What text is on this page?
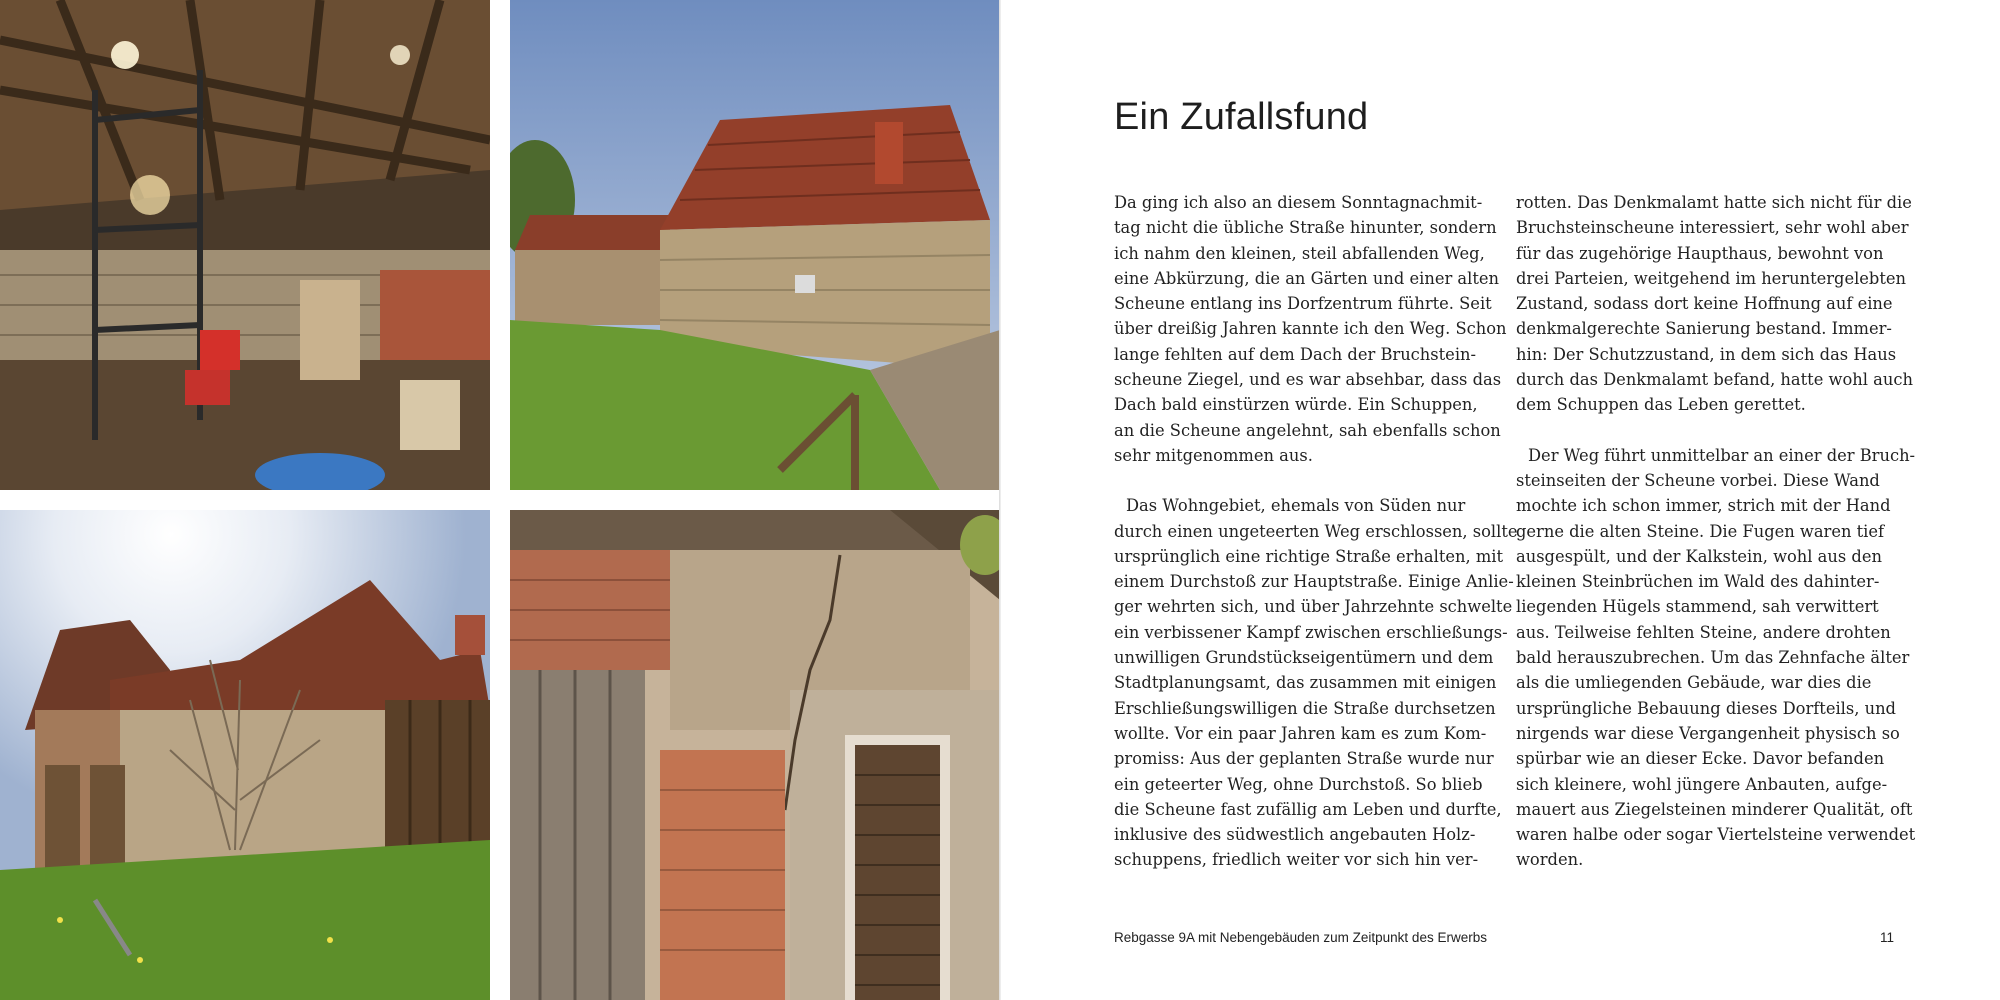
Ein Zufallsfund

Da ging ich also an diesem Sonntagnachmit-
tag nicht die übliche Straße hinunter, sondern
ich nahm den kleinen, steil abfallenden Weg,
eine Abkürzung, die an Gärten und einer alten
Scheune entlang ins Dorfzentrum führte. Seit
über dreißig Jahren kannte ich den Weg. Schon
lange fehlten auf dem Dach der Bruchstein-
scheune Ziegel, und es war absehbar, dass das
Dach bald einstürzen würde. Ein Schuppen,
an die Scheune angelehnt, sah ebenfalls schon
sehr mitgenommen aus.

Das Wohngebiet, ehemals von Süden nur
durch einen ungeteerten Weg erschlossen, sollte
ursprünglich eine richtige Straße erhalten, mit
einem Durchstoß zur Hauptstraße. Einige Anlie-
ger wehrten sich, und über Jahrzehnte schwelte
ein verbissener Kampf zwischen erschließungs-
unwilligen Grundstückseigentümern und dem
Stadtplanungsamt, das zusammen mit einigen
Erschließungswilligen die Straße durchsetzen
wollte. Vor ein paar Jahren kam es zum Kom-
promiss: Aus der geplanten Straße wurde nur
ein geteerter Weg, ohne Durchstoß. So blieb
die Scheune fast zufällig am Leben und durfte,
inklusive des südwestlich angebauten Holz-
schuppens, friedlich weiter vor sich hin ver-

rotten. Das Denkmalamt hatte sich nicht für die
Bruchsteinscheune interessiert, sehr wohl aber
für das zugehörige Haupthaus, bewohnt von
drei Parteien, weitgehend im heruntergelebten
Zustand, sodass dort keine Hoffnung auf eine
denkmalgerechte Sanierung bestand. Immer-
hin: Der Schutzzustand, in dem sich das Haus
durch das Denkmalamt befand, hatte wohl auch
dem Schuppen das Leben gerettet.

Der Weg führt unmittelbar an einer der Bruch-
steinseiten der Scheune vorbei. Diese Wand
mochte ich schon immer, strich mit der Hand
gerne die alten Steine. Die Fugen waren tief
ausgespült, und der Kalkstein, wohl aus den
kleinen Steinbrüchen im Wald des dahinter-
liegenden Hügels stammend, sah verwittert
aus. Teilweise fehlten Steine, andere drohten
bald herauszubrechen. Um das Zehnfache älter
als die umliegenden Gebäude, war dies die
ursprüngliche Bebauung dieses Dorfteils, und
nirgends war diese Vergangenheit physisch so
spürbar wie an dieser Ecke. Davor befanden
sich kleinere, wohl jüngere Anbauten, aufge-
mauert aus Ziegelsteinen minderer Qualität, oft
waren halbe oder sogar Viertelsteine verwendet
worden.

Rebgasse 9A mit Nebengebäuden zum Zeitpunkt des Erwerbs	11
